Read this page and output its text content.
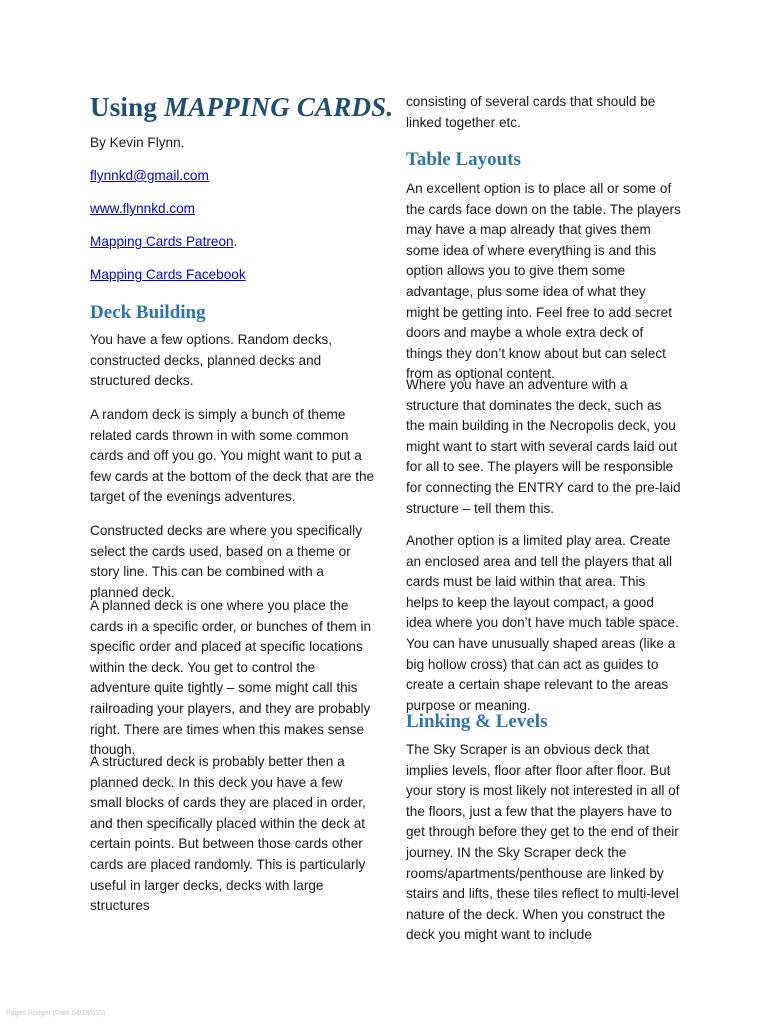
Using MAPPING CARDS.

By Kevin Flynn.

flynnkd@gmail.com

www.flynnkd.com

Mapping Cards Patreon.

Mapping Cards Facebook

Deck Building

You have a few options. Random decks, constructed decks, planned decks and structured decks.

A random deck is simply a bunch of theme related cards thrown in with some common cards and off you go. You might want to put a few cards at the bottom of the deck that are the target of the evenings adventures.

Constructed decks are where you specifically select the cards used, based on a theme or story line. This can be combined with a planned deck.

A planned deck is one where you place the cards in a specific order, or bunches of them in specific order and placed at specific locations within the deck. You get to control the adventure quite tightly – some might call this railroading your players, and they are probably right. There are times when this makes sense though.

A structured deck is probably better then a planned deck. In this deck you have a few small blocks of cards they are placed in order, and then specifically placed within the deck at certain points. But between those cards other cards are placed randomly. This is particularly useful in larger decks, decks with large structures

consisting of several cards that should be linked together etc.

Table Layouts

An excellent option is to place all or some of the cards face down on the table. The players may have a map already that gives them some idea of where everything is and this option allows you to give them some advantage, plus some idea of what they might be getting into. Feel free to add secret doors and maybe a whole extra deck of things they don’t know about but can select from as optional content.

Where you have an adventure with a structure that dominates the deck, such as the main building in the Necropolis deck, you might want to start with several cards laid out for all to see. The players will be responsible for connecting the ENTRY card to the pre-laid structure – tell them this.

Another option is a limited play area. Create an enclosed area and tell the players that all cards must be laid within that area. This helps to keep the layout compact, a good idea where you don’t have much table space. You can have unusually shaped areas (like a big hollow cross) that can act as guides to create a certain shape relevant to the areas purpose or meaning.

Linking & Levels

The Sky Scraper is an obvious deck that implies levels, floor after floor after floor. But your story is most likely not interested in all of the floors, just a few that the players have to get through before they get to the end of their journey. IN the Sky Scraper deck the rooms/apartments/penthouse are linked by stairs and lifts, these tiles reflect to multi-level nature of the deck. When you construct the deck you might want to include

Pages Rodger (Date 04/18/015)
